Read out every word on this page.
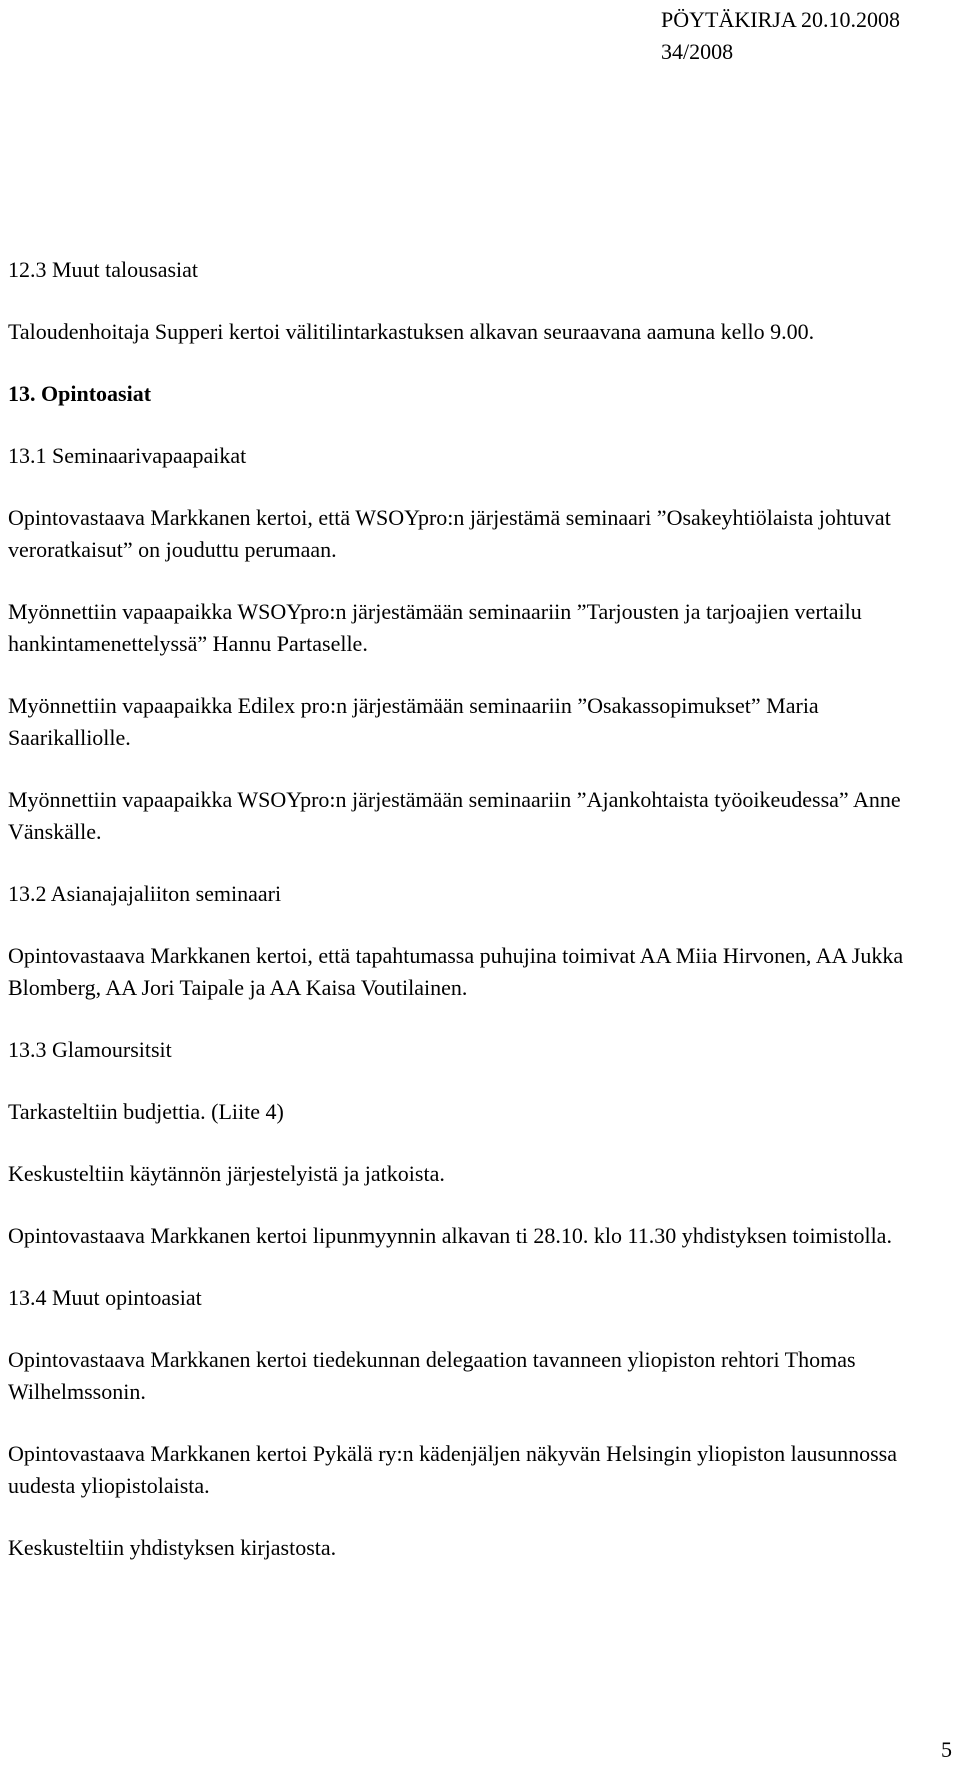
PÖYTÄKIRJA 20.10.2008
34/2008

12.3 Muut talousasiat

Taloudenhoitaja Supperi kertoi välitilintarkastuksen alkavan seuraavana aamuna kello 9.00.

13. Opintoasiat

13.1 Seminaarivapaapaikat

Opintovastaava Markkanen kertoi, että WSOYpro:n järjestämä seminaari ”Osakeyhtiölaista johtuvat veroratkaisut” on jouduttu perumaan.

Myönnettiin vapaapaikka WSOYpro:n järjestämään seminaariin ”Tarjousten ja tarjoajien vertailu hankintamenettelyssä” Hannu Partaselle.

Myönnettiin vapaapaikka Edilex pro:n järjestämään seminaariin ”Osakassopimukset” Maria Saarikalliolle.

Myönnettiin vapaapaikka WSOYpro:n järjestämään seminaariin ”Ajankohtaista työoikeudessa” Anne Vänskälle.

13.2 Asianajajaliiton seminaari

Opintovastaava Markkanen kertoi, että tapahtumassa puhujina toimivat AA Miia Hirvonen, AA Jukka Blomberg, AA Jori Taipale ja AA Kaisa Voutilainen.

13.3 Glamoursitsit

Tarkasteltiin budjettia. (Liite 4)

Keskusteltiin käytännön järjestelyistä ja jatkoista.

Opintovastaava Markkanen kertoi lipunmyynnin alkavan ti 28.10. klo 11.30 yhdistyksen toimistolla.

13.4 Muut opintoasiat

Opintovastaava Markkanen kertoi tiedekunnan delegaation tavanneen yliopiston rehtori Thomas Wilhelmssonin.

Opintovastaava Markkanen kertoi Pykälä ry:n kädenjäljen näkyvän Helsingin yliopiston lausunnossa uudesta yliopistolaista.

Keskusteltiin yhdistyksen kirjastosta.

5
